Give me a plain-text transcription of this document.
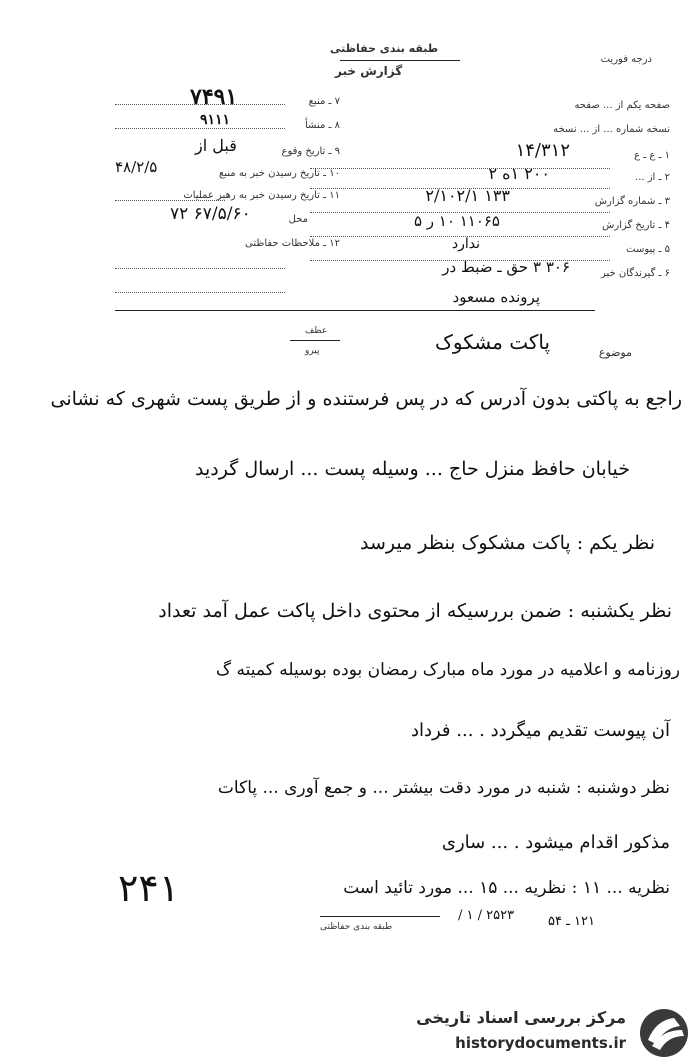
درجه فوریت
طبقه بندی حفاظتی
گزارش خبر
صفحه یکم از ... صفحه
نسخه شماره ... از ... نسخه
۱ ـ ع ـ ع
۱۴/۳۱۲
۲ ـ از ...
۲۰۰ ۱ه ۲
۳ ـ شماره گزارش
۱۳۳ ۲/۱۰۲/۱
۴ ـ تاریخ گزارش
۱۱۰۶۵ ۱۰ ر ۵
۵ ـ پیوست
ندارد
۶ ـ گیرندگان خبر
۳۰۶ ۳ حق ـ ضبط در
پرونده مسعود
۷ ـ منبع
۷۴۹۱
۸ ـ منشأ
۹۱۱۱
۹ ـ تاریخ وقوع
قبل از
۱۰ ـ تاریخ رسیدن خبر به منبع
۴۸/۲/۵
۱۱ ـ تاریخ رسیدن خبر به رهبر عملیات
محل
۶۷/۵/۶۰ ۷۲
۱۲ ـ ملاحظات حفاظتی
موضوع
عطف
پیرو	پاکت مشکوک
راجع به پاکتی بدون آدرس که در پس فرستنده و از طریق پست شهری که نشانی
خیابان حافظ منزل حاج ... وسیله پست ... ارسال گردید
نظر یکم : پاکت مشکوک بنظر میرسد
نظر یکشنبه : ضمن بررسیکه از محتوی داخل پاکت عمل آمد تعداد
روزنامه و اعلامیه در مورد ماه مبارک رمضان بوده بوسیله کمیته گ
آن پیوست تقدیم میگردد . ... فرداد
نظر دوشنبه : شنبه در مورد دقت بیشتر ... و جمع آوری ... پاکات
مذکور اقدام میشود . ... ساری
نظریه ... ۱۱ : نظریه ... ۱۵ ... مورد تائید است
۲۴۱
طبقه بندی حفاظتی
۲۵۲۳ / ۱ /	۱۲۱ ـ ۵۴
مرکز بررسی اسناد تاریخی
historydocuments.ir
